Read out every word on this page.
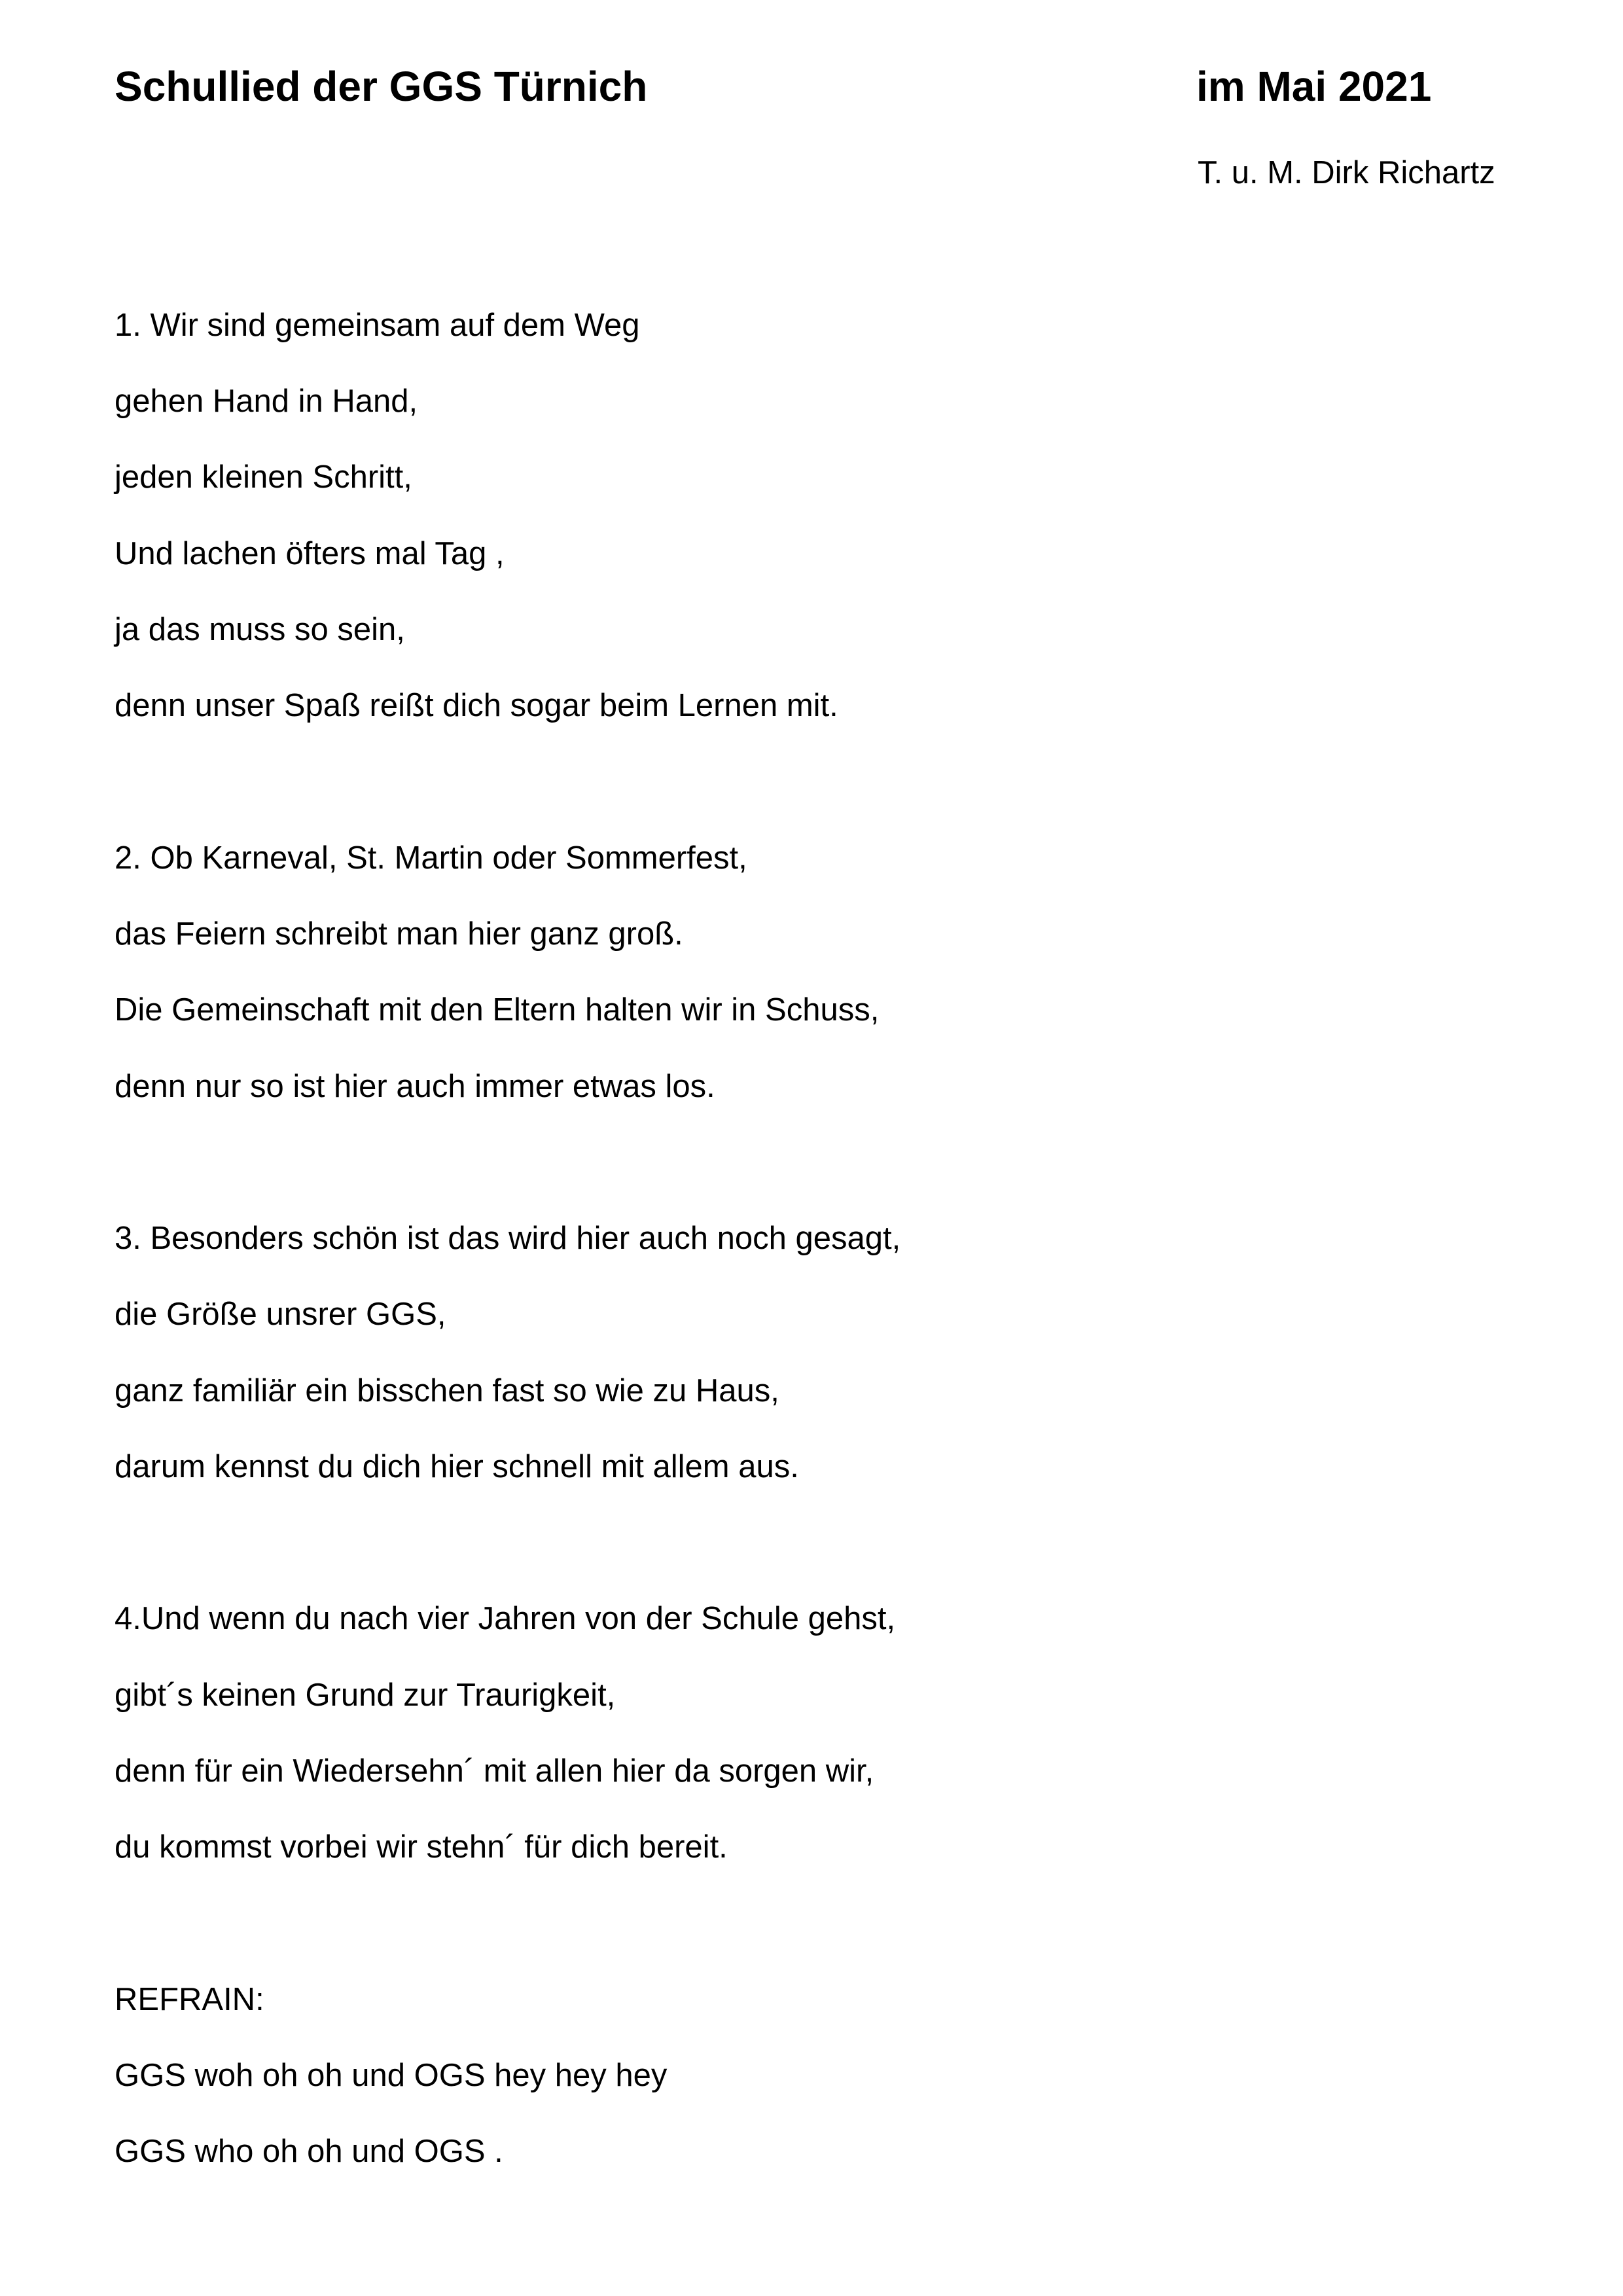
Schullied der GGS Türnich	im Mai 2021
T. u. M. Dirk Richartz
1. Wir sind gemeinsam auf dem Weg
gehen Hand in Hand,
jeden kleinen Schritt,
Und lachen öfters mal Tag ,
ja das muss so sein,
denn unser Spaß reißt dich sogar beim Lernen mit.
2. Ob Karneval, St. Martin oder Sommerfest,
das Feiern schreibt man hier ganz groß.
Die Gemeinschaft mit den Eltern halten wir in Schuss,
denn nur so ist hier auch immer etwas los.
3. Besonders schön ist das wird hier auch noch gesagt,
die Größe unsrer GGS,
ganz familiär ein bisschen fast so wie zu Haus,
darum kennst du dich hier schnell mit allem aus.
4.Und wenn du nach vier Jahren von der Schule gehst,
gibt´s keinen Grund zur Traurigkeit,
denn für ein Wiedersehn´ mit allen hier da sorgen wir,
du kommst vorbei wir stehn´ für dich bereit.
REFRAIN:
GGS woh oh oh und OGS hey hey hey
GGS who oh oh und OGS .
